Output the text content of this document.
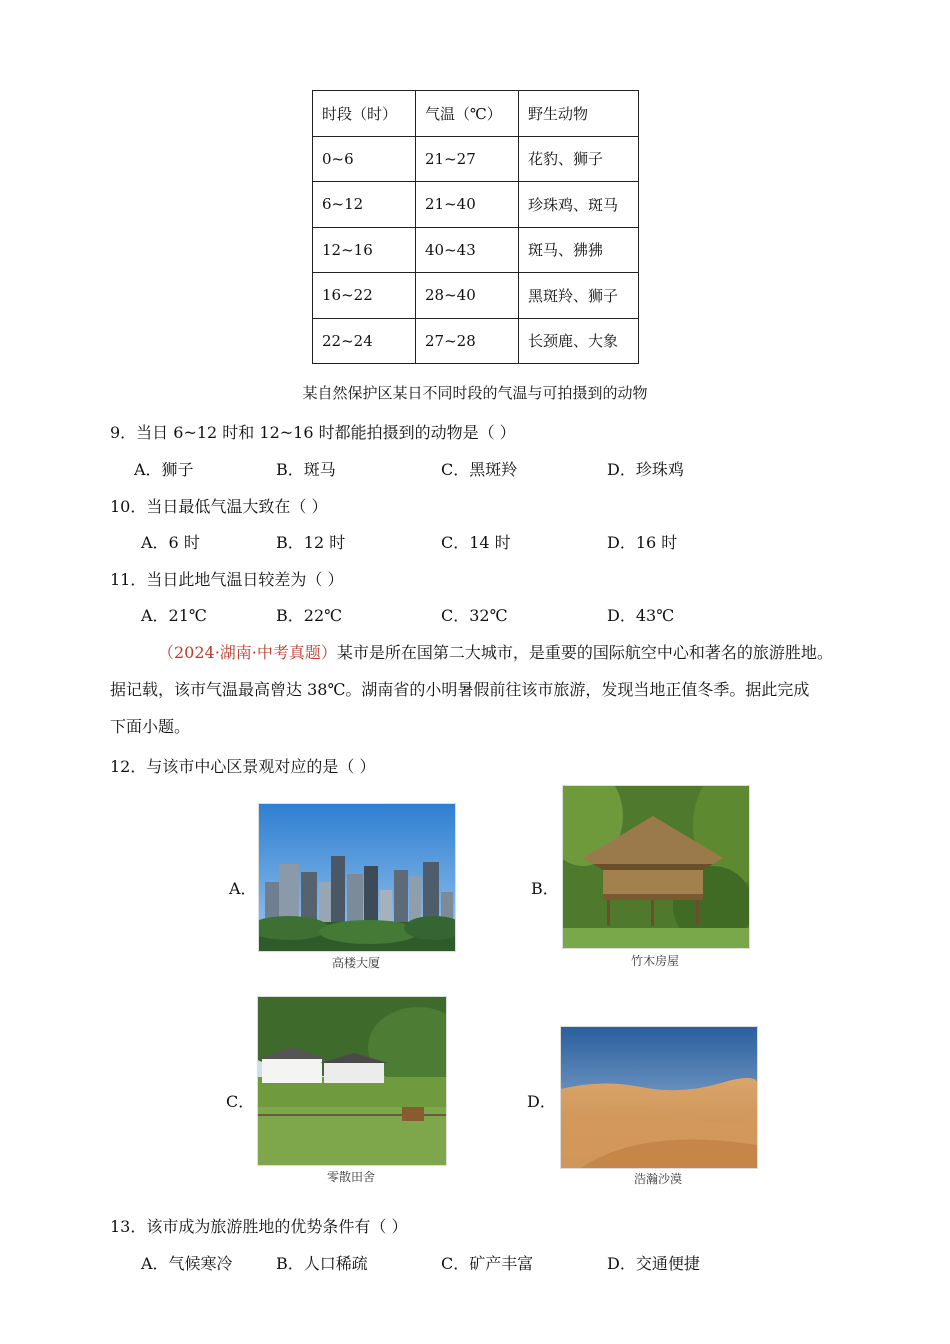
时段（时）	气温（℃）	野生动物
0~6	21~27	花豹、狮子
6~12	21~40	珍珠鸡、斑马
12~16	40~43	斑马、狒狒
16~22	28~40	黑斑羚、狮子
22~24	27~28	长颈鹿、大象
某自然保护区某日不同时段的气温与可拍摄到的动物
9．当日 6~12 时和 12~16 时都能拍摄到的动物是（ ）
A．狮子	B．斑马	C．黑斑羚	D．珍珠鸡
10．当日最低气温大致在（ ）
A．6 时	B．12 时	C．14 时	D．16 时
11．当日此地气温日较差为（ ）
A．21℃	B．22℃	C．32℃	D．43℃
（2024·湖南·中考真题）某市是所在国第二大城市，是重要的国际航空中心和著名的旅游胜地。
据记载，该市气温最高曾达 38℃。湖南省的小明暑假前往该市旅游，发现当地正值冬季。据此完成
下面小题。
12．与该市中心区景观对应的是（ ）
A．
高楼大厦
B．
竹木房屋
C．
零散田舍
D．
浩瀚沙漠
13．该市成为旅游胜地的优势条件有（ ）
A．气候寒冷	B．人口稀疏	C．矿产丰富	D．交通便捷
